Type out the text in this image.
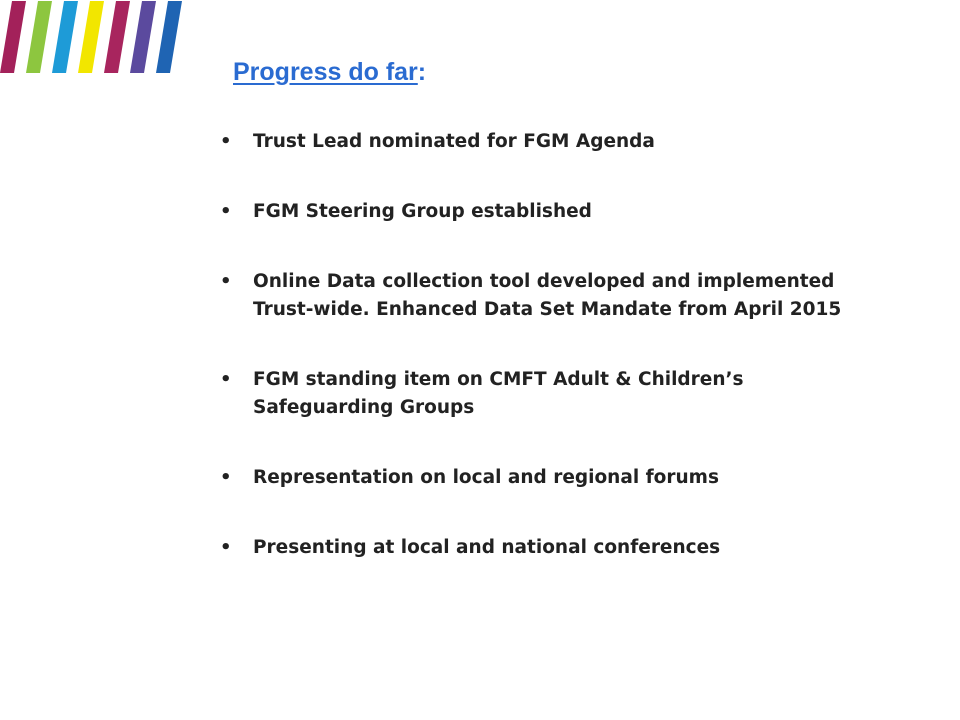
Progress do far:
•	Trust Lead nominated for FGM Agenda
•	FGM Steering Group established
•	Online Data collection tool developed and implemented Trust-wide. Enhanced Data Set Mandate from April 2015
•	FGM standing item on CMFT Adult & Children’s Safeguarding Groups
•	Representation on local and regional forums
•	Presenting at local and national conferences
